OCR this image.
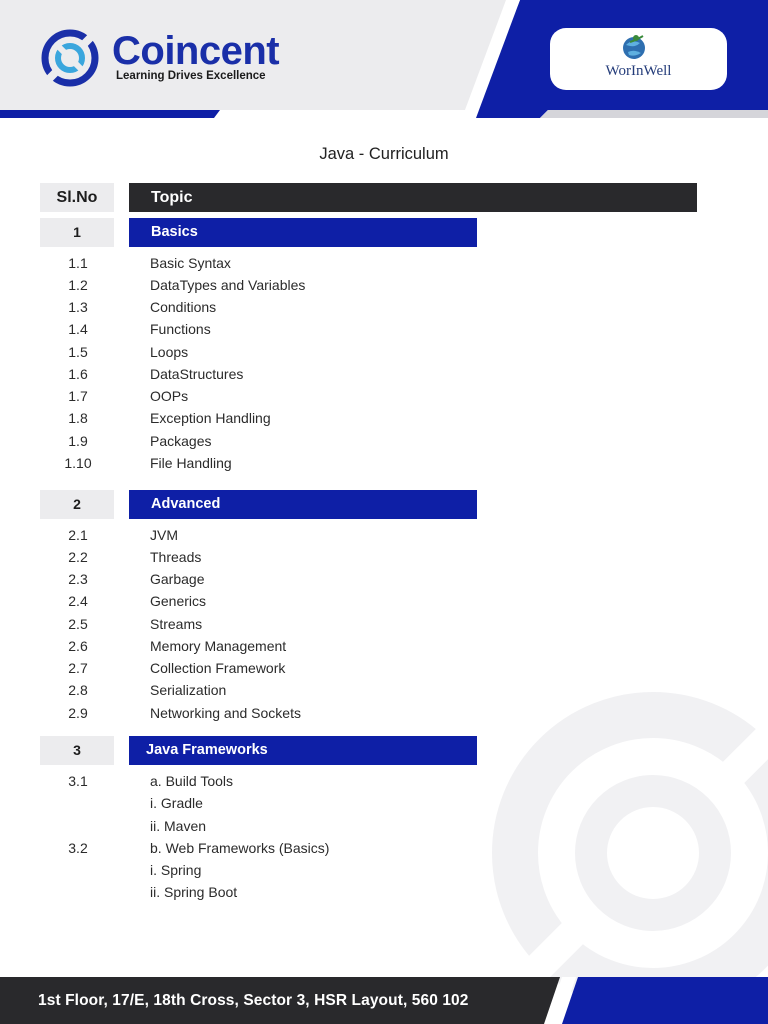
Coincent
Learning Drives Excellence	WorInWell
Java - Curriculum
Sl.No	Topic
1	Basics
1.1	Basic Syntax
1.2	DataTypes and Variables
1.3	Conditions
1.4	Functions
1.5	Loops
1.6	DataStructures
1.7	OOPs
1.8	Exception Handling
1.9	Packages
1.10	File Handling
2	Advanced
2.1	JVM
2.2	Threads
2.3	Garbage
2.4	Generics
2.5	Streams
2.6	Memory Management
2.7	Collection Framework
2.8	Serialization
2.9	Networking and Sockets
3	Java Frameworks
3.1	a. Build Tools
i. Gradle
ii. Maven
3.2	b. Web Frameworks (Basics)
i. Spring
ii. Spring Boot
1st Floor, 17/E, 18th Cross, Sector 3, HSR Layout, 560 102
